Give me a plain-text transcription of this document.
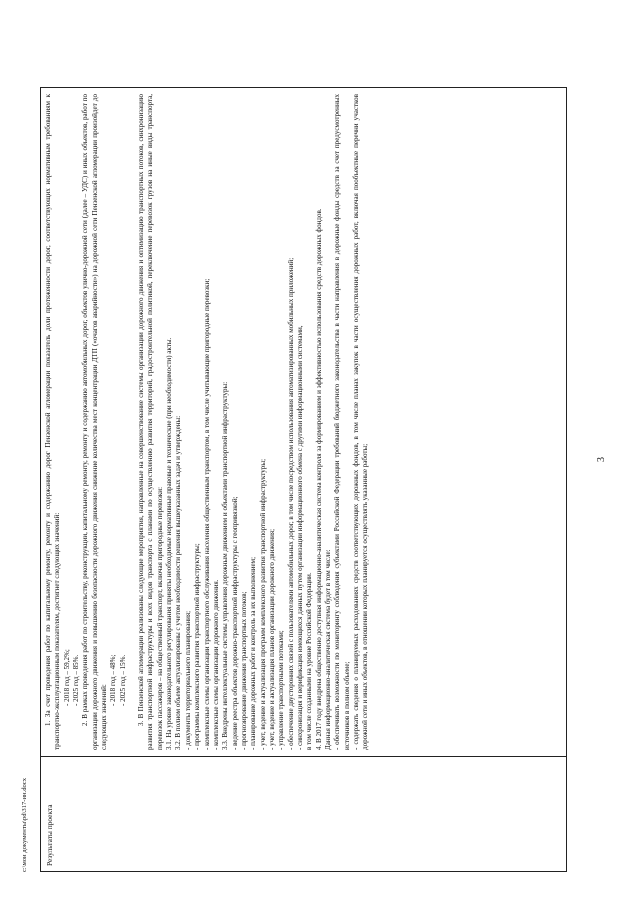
c:\мои документы\pd\317-ин.docx	Результаты проекта

1. За счет проведения работ по капитальному ремонту, ремонту и содержанию дорог Пензенской агломерации показатель доли протяженности дорог, соответствующих нормативным требованиям к транспортно-эксплуатационным показателям, достигнет следующих значений: - 2018 год – 59,2%; - 2025 год – 85%. 2. В рамках проведения работ по строительству, реконструкции, капитальному ремонту, ремонту и содержанию автомобильных дорог, объектов улично-дорожной сети (далее – УДС) и иных объектов, работ по организации дорожного движения и повышению безопасности дорожного движения снижение количества мест концентрации ДТП («очагов аварийности») на дорожной сети Пензенской агломерации произойдет до следующих значений:

- 2018 год – 48%; - 2025 год – 15%. 3. В Пензенской агломерации реализованы следующие мероприятия, направленные на совершенствование системы организации дорожного движения и оптимизацию транспортных потоков, синхронизацию развития транспортной инфраструктуры и всех видов транспорта с планами по осуществлению развития территорий, градостроительной политикой, переключение перевозок грузов на иные виды транспорта, перевозок пассажиров – на общественный транспорт, включая пригородные перевозки: 3.1. На уровне законодательного регулирования приняты необходимые нормативные правовые и технические (при необходимости) акты. 3.2. В полном объеме актуализированы с учетом необходимости решения вышеуказанных задач и утверждены: - документы территориального планирования; - программы комплексного развития транспортной инфраструктуры; - комплексные схемы организации транспортного обслуживания населения общественным транспортом, в том числе учитывающие пригородные перевозки; - комплексные схемы организации дорожного движения. 3.3. Внедрены интеллектуальные системы управления дорожным движением и объектами транспортной инфраструктуры: - ведение реестра объектов дорожно-транспортной инфраструктуры с геопривязкой; - прогнозирование движения транспортных потоков; - планирование дорожных работ и контроль за их выполнением; - учет, ведение и актуализация программ комплексного развития транспортной инфраструктуры; - учет, ведение и актуализация планов организации дорожного движения; - управление транспортными потоками; - обеспечение двусторонних связей с пользователями автомобильных дорог, в том числе посредством использования автоматизированных мобильных приложений; - синхронизация и верификация имеющихся данных путем организации информационного обмена с другими информационными системами, в том числе созданными на уровне Российской Федерации. 4. В 2017 году внедрена общественно доступная информационно-аналитическая система контроля за формированием и эффективностью использования средств дорожных фондов. Данная информационно-аналитическая система будет в том числе: - обеспечивать возможности по мониторингу соблюдения субъектами Российской Федерации требований бюджетного законодательства в части направления в дорожные фонды средств за счет предусмотренных источников в полном объеме; - содержать сведения о планируемых расходованиях средств соответствующих дорожных фондов, в том числе планах закупок в части осуществления дорожных работ, включая пообъектные перечни участков дорожной сети и иных объектов, в отношении которых планируется осуществлять указанные работы;	3
